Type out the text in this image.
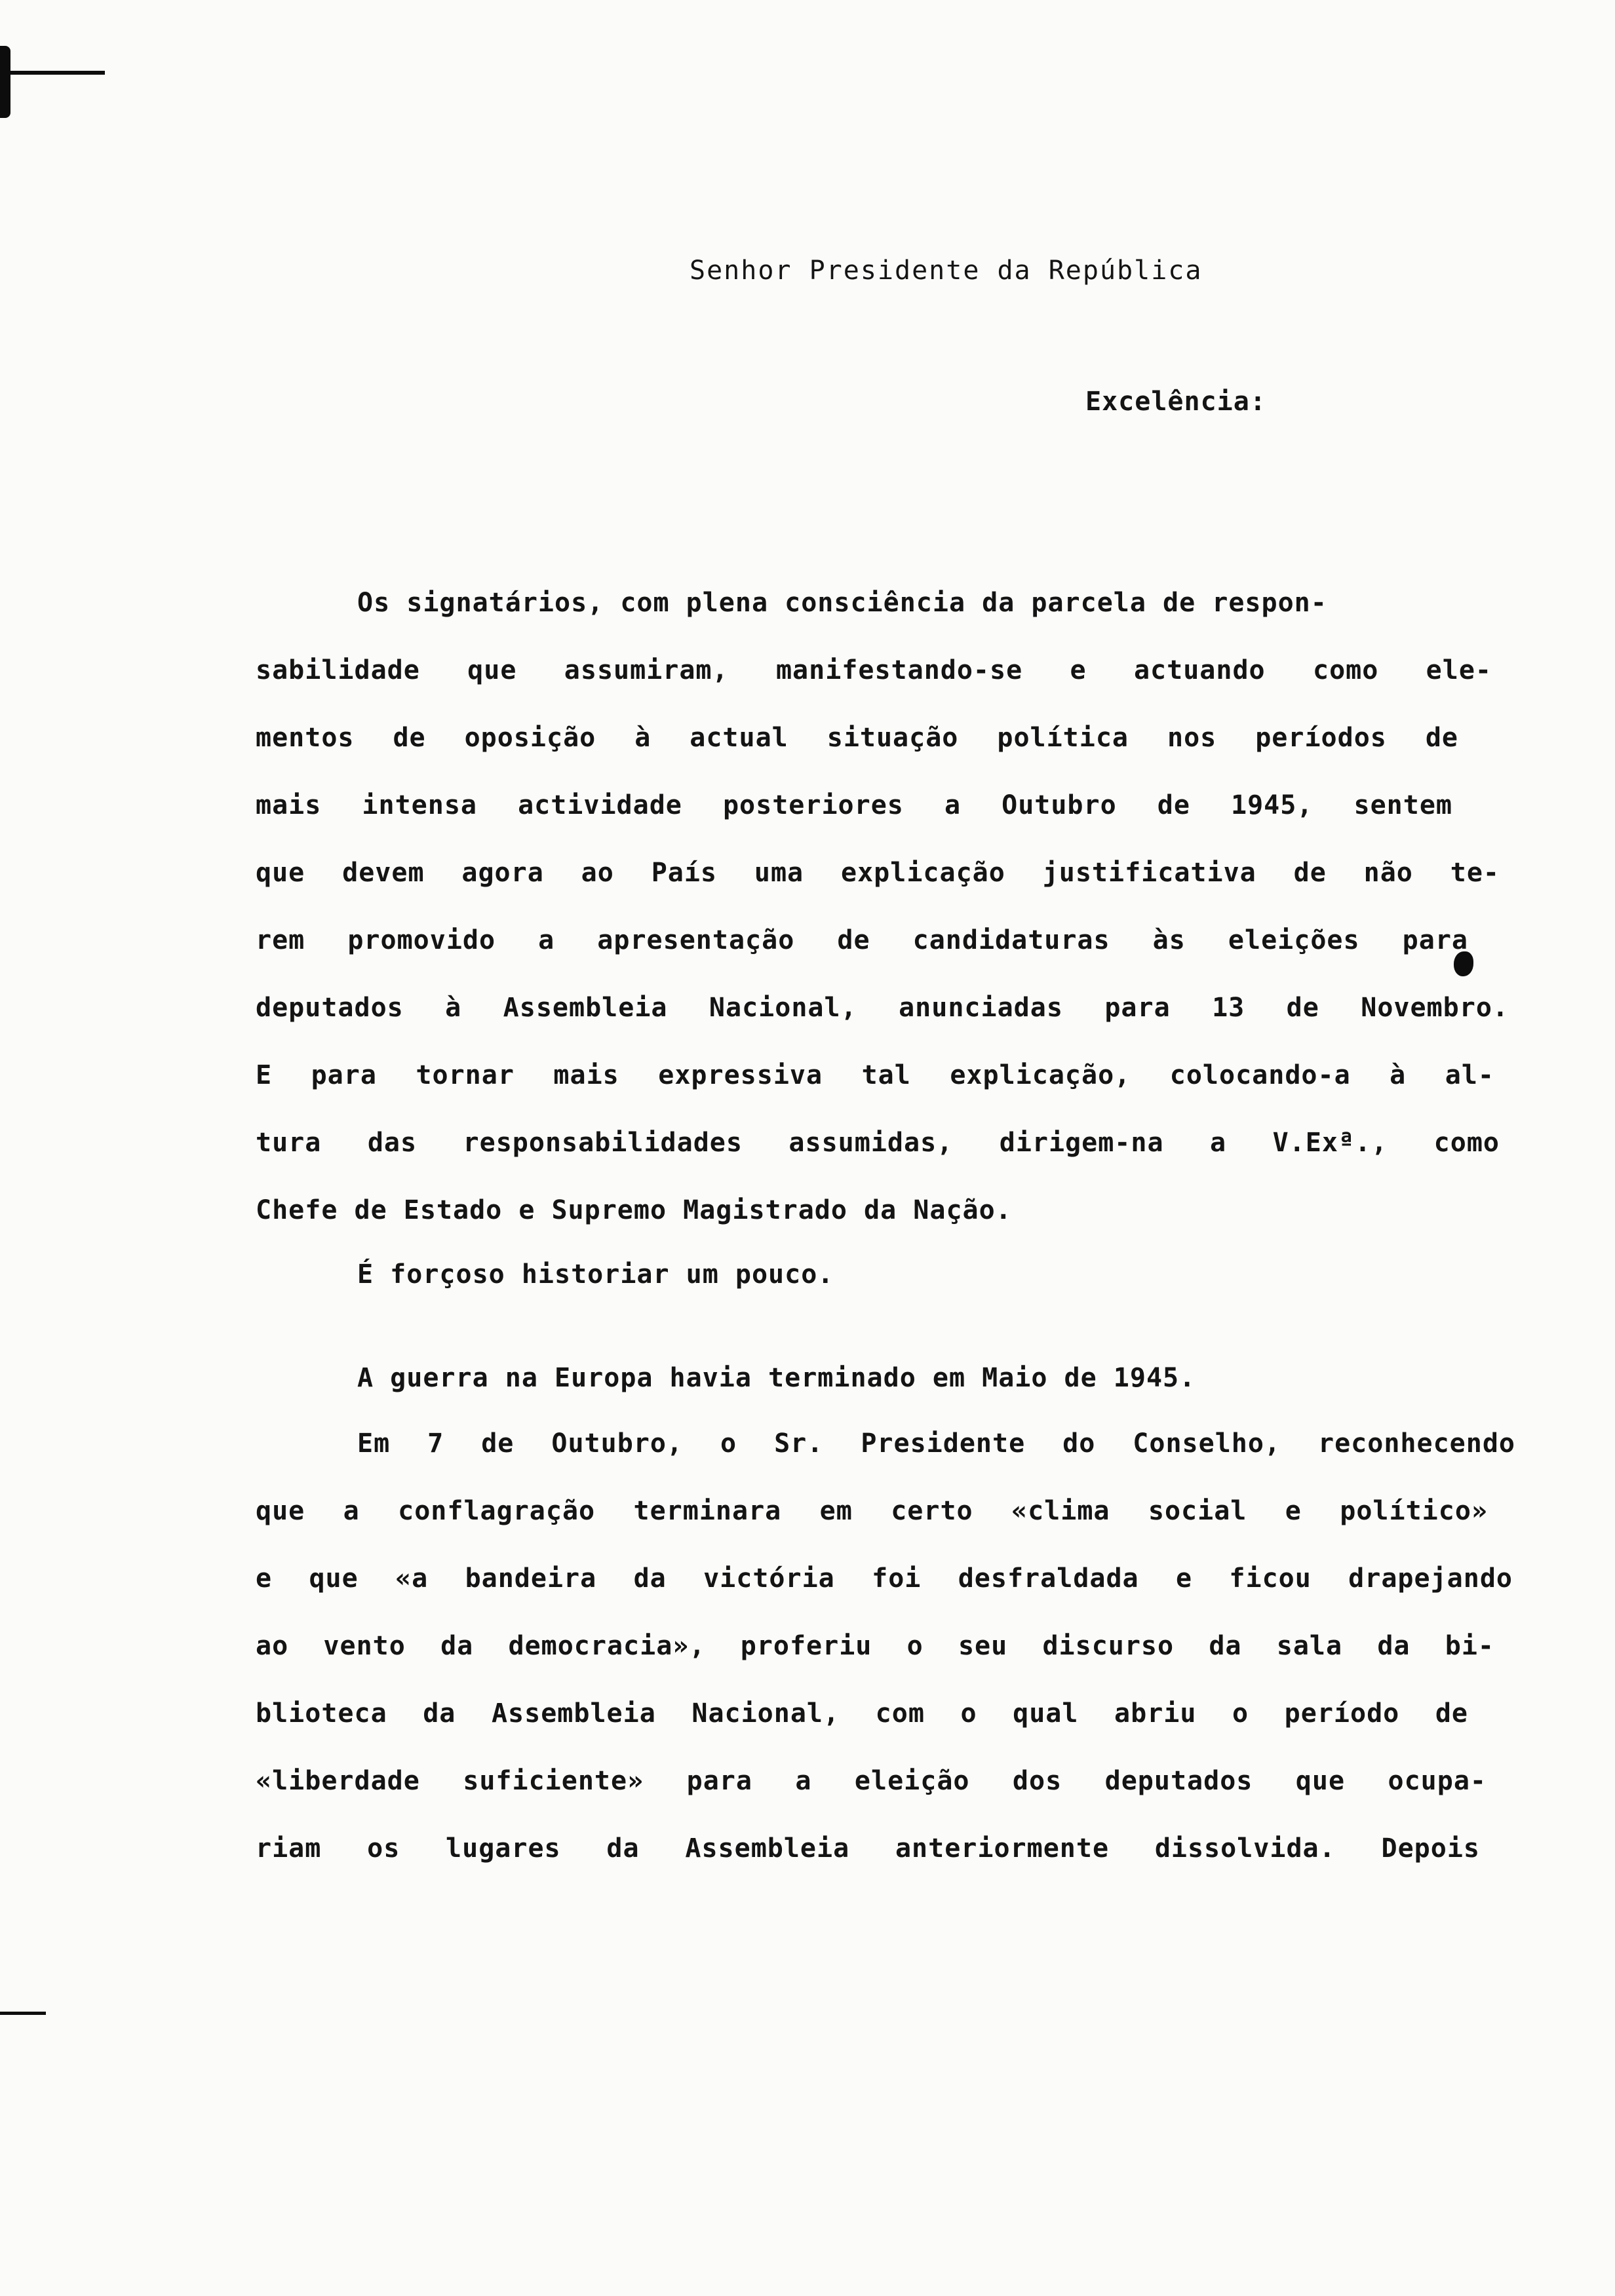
Senhor Presidente da República
Excelência:
Os signatários, com plena consciência da parcela de respon-
sabilidade que assumiram, manifestando-se e actuando como ele-
mentos de oposição à actual situação política nos períodos de
mais intensa actividade posteriores a Outubro de 1945, sentem
que devem agora ao País uma explicação justificativa de não te-
rem promovido a apresentação de candidaturas às eleições para
deputados à Assembleia Nacional, anunciadas para 13 de Novembro.
E para tornar mais expressiva tal explicação, colocando-a à al-
tura das responsabilidades assumidas, dirigem-na a V.Exª., como
Chefe de Estado e Supremo Magistrado da Nação.
É forçoso historiar um pouco.
A guerra na Europa havia terminado em Maio de 1945.
Em 7 de Outubro, o Sr. Presidente do Conselho, reconhecendo
que a conflagração terminara em certo «clima social e político»
e que «a bandeira da victória foi desfraldada e ficou drapejando
ao vento da democracia», proferiu o seu discurso da sala da bi-
blioteca da Assembleia Nacional, com o qual abriu o período de
«liberdade suficiente» para a eleição dos deputados que ocupa-
riam os lugares da Assembleia anteriormente dissolvida. Depois
